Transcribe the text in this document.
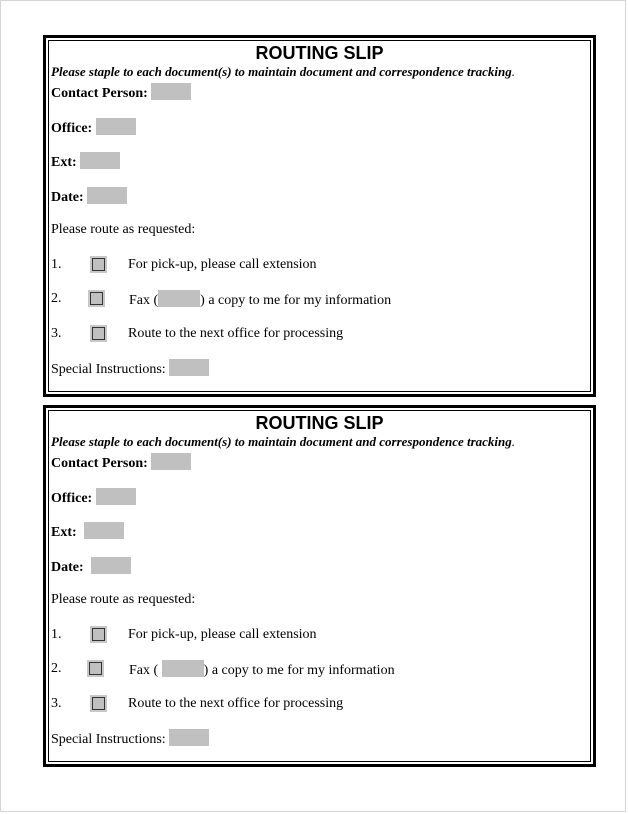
ROUTING SLIP
Please staple to each document(s) to maintain document and correspondence tracking.
Contact Person:
Office:
Ext:
Date:
Please route as requested:
1.	For pick-up, please call extension
2.	Fax (	) a copy to me for my information
3.	Route to the next office for processing
Special Instructions:
ROUTING SLIP
Please staple to each document(s) to maintain document and correspondence tracking.
Contact Person:
Office:
Ext:
Date:
Please route as requested:
1.	For pick-up, please call extension
2.	Fax (	) a copy to me for my information
3.	Route to the next office for processing
Special Instructions:
